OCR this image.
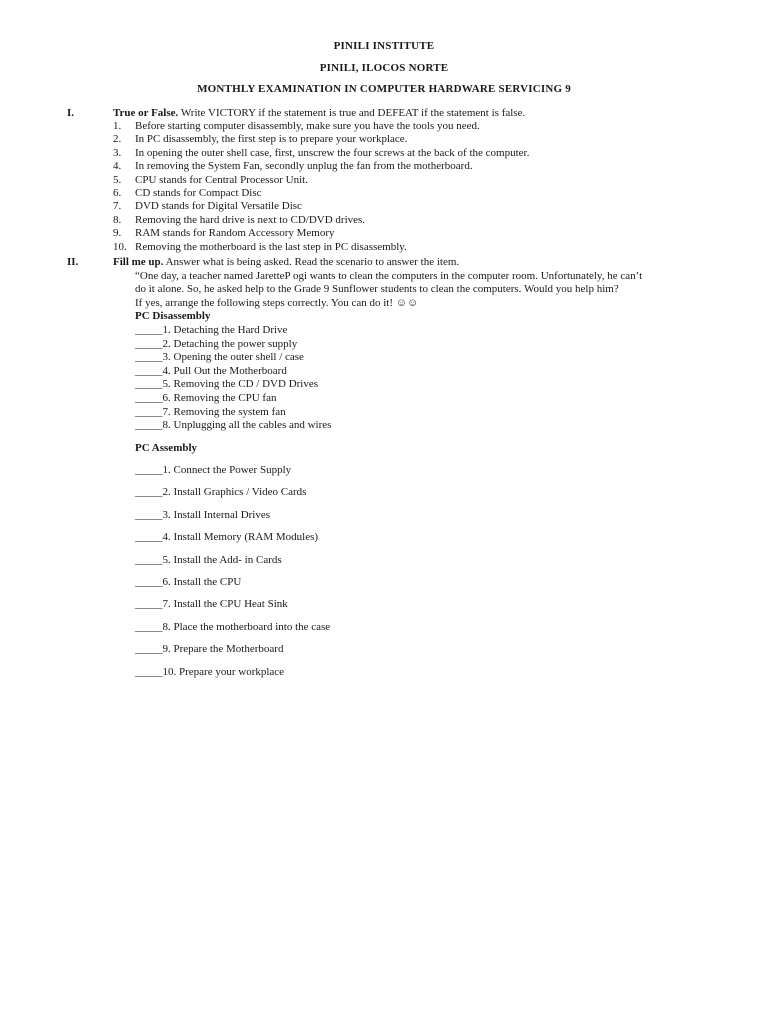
PINILI INSTITUTE
PINILI, ILOCOS NORTE
MONTHLY EXAMINATION IN COMPUTER HARDWARE SERVICING 9
I.	True or False. Write VICTORY if the statement is true and DEFEAT if the statement is false.
1.	Before starting computer disassembly, make sure you have the tools you need.
2.	In PC disassembly, the first step is to prepare your workplace.
3.	In opening the outer shell case, first, unscrew the four screws at the back of the computer.
4.	In removing the System Fan, secondly unplug the fan from the motherboard.
5.	CPU stands for Central Processor Unit.
6.	CD stands for Compact Disc
7.	DVD stands for Digital Versatile Disc
8.	Removing the hard drive is next to CD/DVD drives.
9.	RAM stands for Random Accessory Memory
10. Removing the motherboard is the last step in PC disassembly.
II.	Fill me up. Answer what is being asked. Read the scenario to answer the item.
“One day, a teacher named JaretteP ogi wants to clean the computers in the computer room. Unfortunately, he can’t
do it alone. So, he asked help to the Grade 9 Sunflower students to clean the computers. Would you help him?
If yes, arrange the following steps correctly. You can do it! ☺☺
PC Disassembly
_____1. Detaching the Hard Drive
_____2. Detaching the power supply
_____3. Opening the outer shell / case
_____4. Pull Out the Motherboard
_____5. Removing the CD / DVD Drives
_____6. Removing the CPU fan
_____7. Removing the system fan
_____8. Unplugging all the cables and wires
PC Assembly
_____1. Connect the Power Supply
_____2. Install Graphics / Video Cards
_____3. Install Internal Drives
_____4. Install Memory (RAM Modules)
_____5. Install the Add- in Cards
_____6. Install the CPU
_____7. Install the CPU Heat Sink
_____8. Place the motherboard into the case
_____9. Prepare the Motherboard
_____10. Prepare your workplace
